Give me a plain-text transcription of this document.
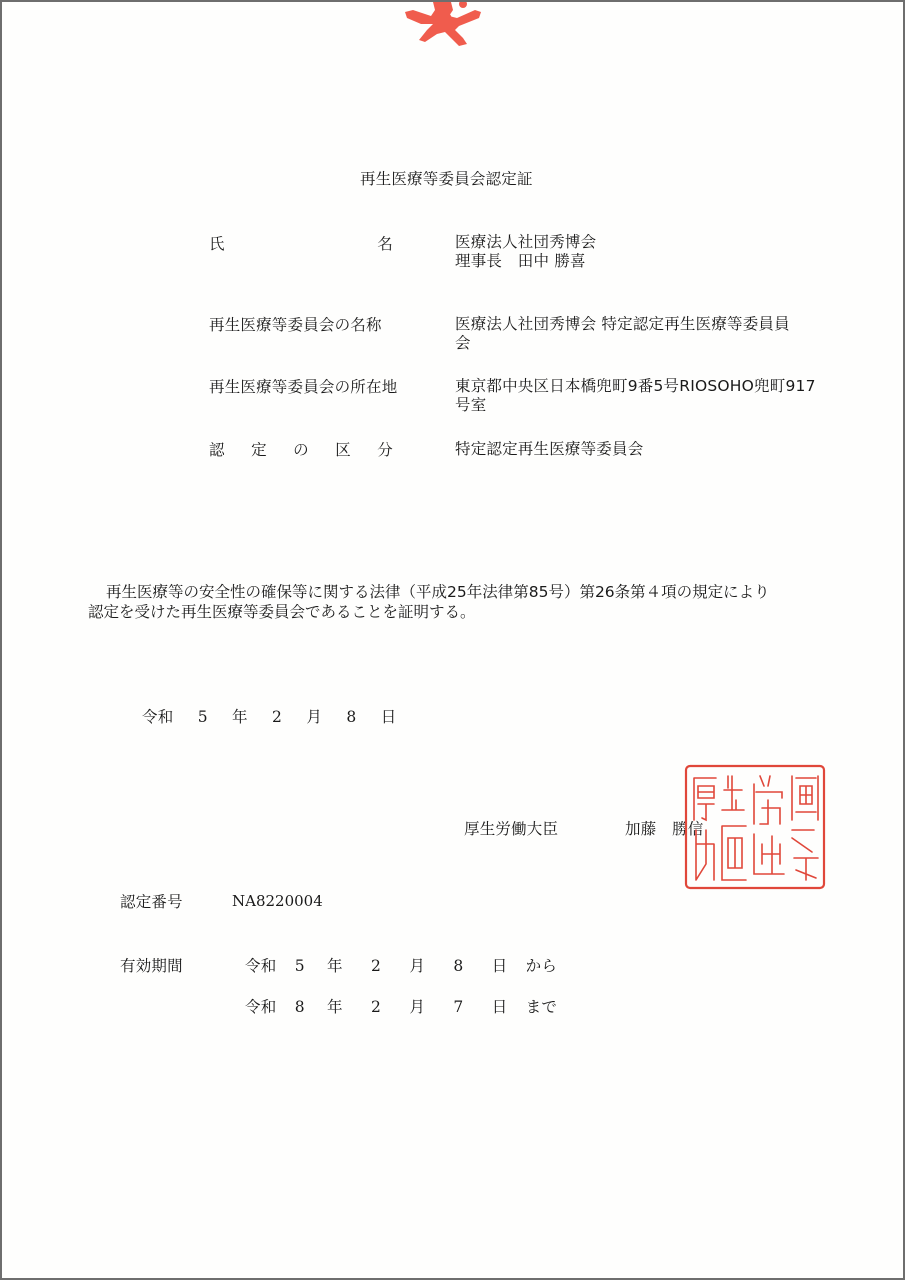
再生医療等委員会認定証
氏	名	医療法人社団秀博会
理事長　田中 勝喜
再生医療等委員会の名称	医療法人社団秀博会 特定認定再生医療等委員員
会
再生医療等委員会の所在地	東京都中央区日本橋兜町9番5号RIOSOHO兜町917
号室
認 定 の 区 分	特定認定再生医療等委員会
再生医療等の安全性の確保等に関する法律（平成25年法律第85号）第26条第４項の規定により
認定を受けた再生医療等委員会であることを証明する。
令和 5 年 2 月 8 日
厚生労働大臣	加藤　勝信
認定番号	NA8220004
有効期間	令和 5 年 2 月 8 日 から
令和 8 年 2 月 7 日 まで
